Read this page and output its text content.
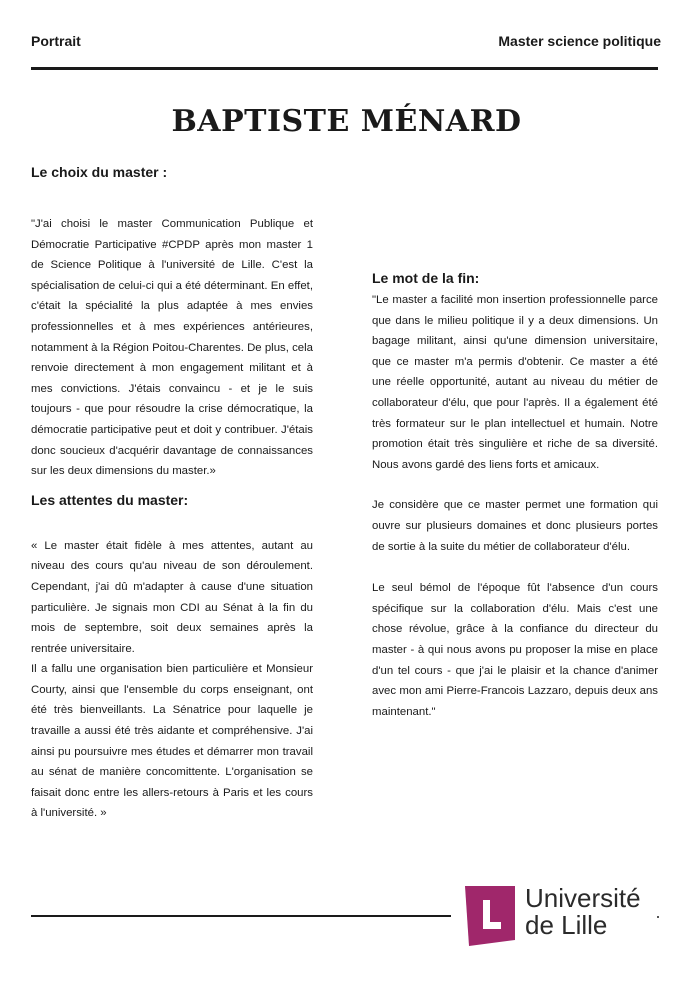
Portrait	Master science politique
BAPTISTE MÉNARD
Le choix du master :

"J'ai choisi le master Communication Publique et Démocratie Participative #CPDP après mon master 1 de Science Politique à l'université de Lille. C'est la spécialisation de celui-ci qui a été déterminant. En effet, c'était la spécialité la plus adaptée à mes envies professionnelles et à mes expériences antérieures, notamment à la Région Poitou-Charentes. De plus, cela renvoie directement à mon engagement militant et à mes convictions. J'étais convaincu - et je le suis toujours - que pour résoudre la crise démocratique, la démocratie participative peut et doit y contribuer. J'étais donc soucieux d'acquérir davantage de connaissances sur les deux dimensions du master.»

Les attentes du master:

« Le master était fidèle à mes attentes, autant au niveau des cours qu'au niveau de son déroulement. Cependant, j'ai dû m'adapter à cause d'une situation particulière. Je signais mon CDI au Sénat à la fin du mois de septembre, soit deux semaines après la rentrée universitaire.

Il a fallu une organisation bien particulière et Monsieur Courty, ainsi que l'ensemble du corps enseignant, ont été très bienveillants. La Sénatrice pour laquelle je travaille a aussi été très aidante et compréhensive. J'ai ainsi pu poursuivre mes études et démarrer mon travail au sénat de manière concomittente. L'organisation se faisait donc entre les allers-retours à Paris et les cours à l'université. »

Le mot de la fin:

"Le master a facilité mon insertion professionnelle parce que dans le milieu politique il y a deux dimensions. Un bagage militant, ainsi qu'une dimension universitaire, que ce master m'a permis d'obtenir. Ce master a été une réelle opportunité, autant au niveau du métier de collaborateur d'élu, que pour l'après. Il a également été très formateur sur le plan intellectuel et humain. Notre promotion était très singulière et riche de sa diversité. Nous avons gardé des liens forts et amicaux.

Je considère que ce master permet une formation qui ouvre sur plusieurs domaines et donc plusieurs portes de sortie à la suite du métier de collaborateur d'élu.

Le seul bémol de l'époque fût l'absence d'un cours spécifique sur la collaboration d'élu. Mais c'est une chose révolue, grâce à la confiance du directeur du master - à qui nous avons pu proposer la mise en place d'un tel cours - que j'ai le plaisir et la chance d'animer avec mon ami Pierre-Francois Lazzaro, depuis deux ans maintenant."

Université
de Lille
